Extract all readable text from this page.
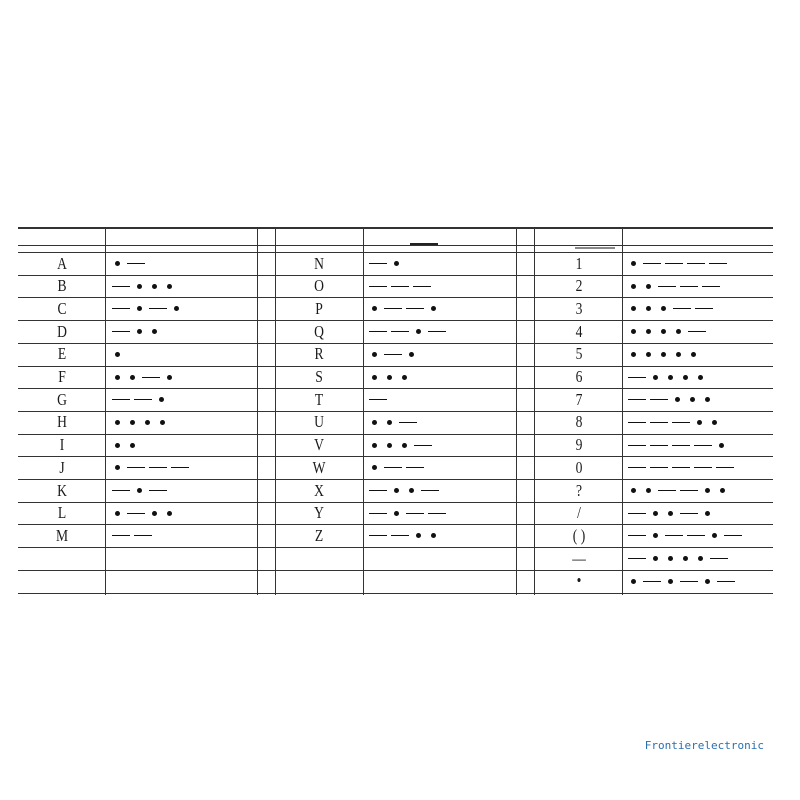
A
B
C
D
E
F
G
H
I
J
K
L
M
N
O
P
Q
R
S
T
U
V
W
X
Y
Z
1
2
3
4
5
6
7
8
9
0
?
/
( )
—
•
Frontierelectronic
